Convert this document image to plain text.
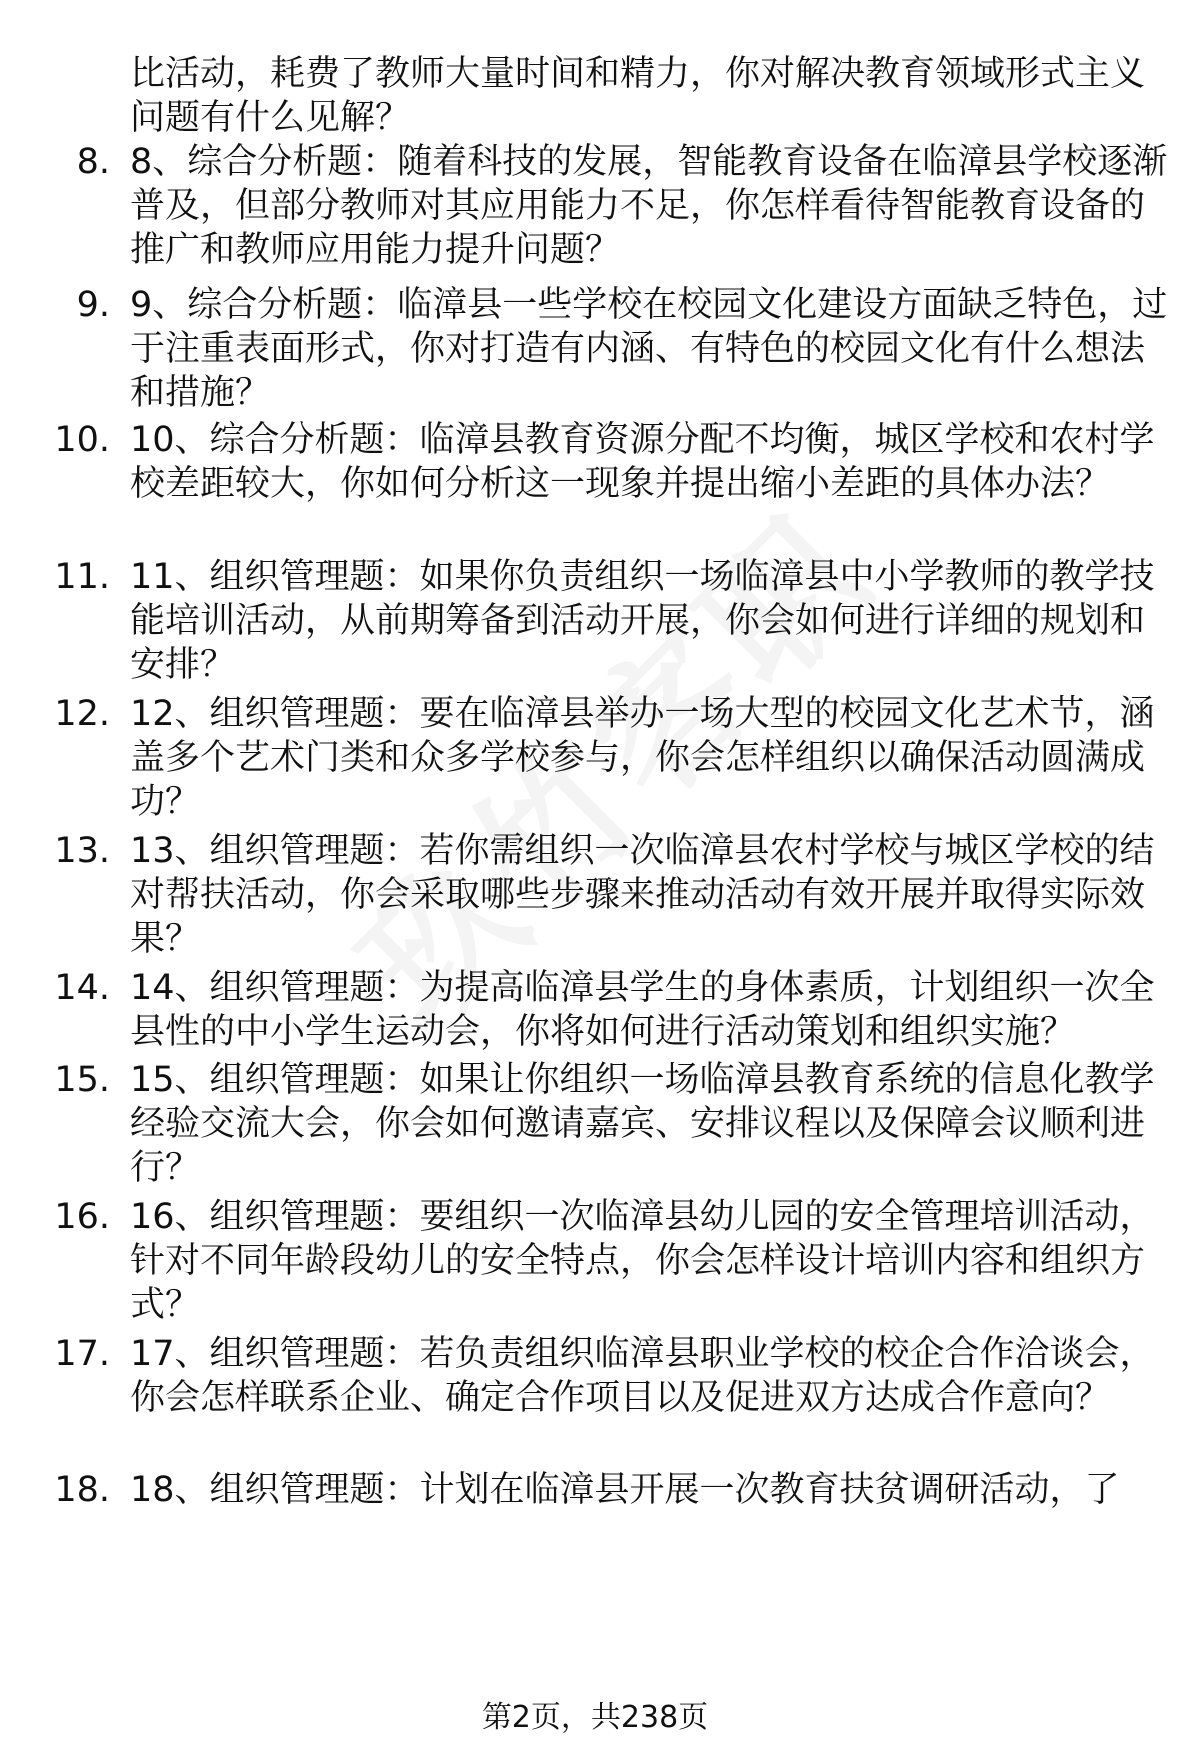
比活动，耗费了教师大量时间和精力，你对解决教育领域形式主义问题有什么见解？
8. 8、综合分析题：随着科技的发展，智能教育设备在临漳县学校逐渐普及，但部分教师对其应用能力不足，你怎样看待智能教育设备的推广和教师应用能力提升问题？
9. 9、综合分析题：临漳县一些学校在校园文化建设方面缺乏特色，过于注重表面形式，你对打造有内涵、有特色的校园文化有什么想法和措施？
10. 10、综合分析题：临漳县教育资源分配不均衡，城区学校和农村学校差距较大，你如何分析这一现象并提出缩小差距的具体办法？
11. 11、组织管理题：如果你负责组织一场临漳县中小学教师的教学技能培训活动，从前期筹备到活动开展，你会如何进行详细的规划和安排？
12. 12、组织管理题：要在临漳县举办一场大型的校园文化艺术节，涵盖多个艺术门类和众多学校参与，你会怎样组织以确保活动圆满成功？
13. 13、组织管理题：若你需组织一次临漳县农村学校与城区学校的结对帮扶活动，你会采取哪些步骤来推动活动有效开展并取得实际效果？
14. 14、组织管理题：为提高临漳县学生的身体素质，计划组织一次全县性的中小学生运动会，你将如何进行活动策划和组织实施？
15. 15、组织管理题：如果让你组织一场临漳县教育系统的信息化教学经验交流大会，你会如何邀请嘉宾、安排议程以及保障会议顺利进行？
16. 16、组织管理题：要组织一次临漳县幼儿园的安全管理培训活动，针对不同年龄段幼儿的安全特点，你会怎样设计培训内容和组织方式？
17. 17、组织管理题：若负责组织临漳县职业学校的校企合作洽谈会，你会怎样联系企业、确定合作项目以及促进双方达成合作意向？
18. 18、组织管理题：计划在临漳县开展一次教育扶贫调研活动，了
第2页，共238页
